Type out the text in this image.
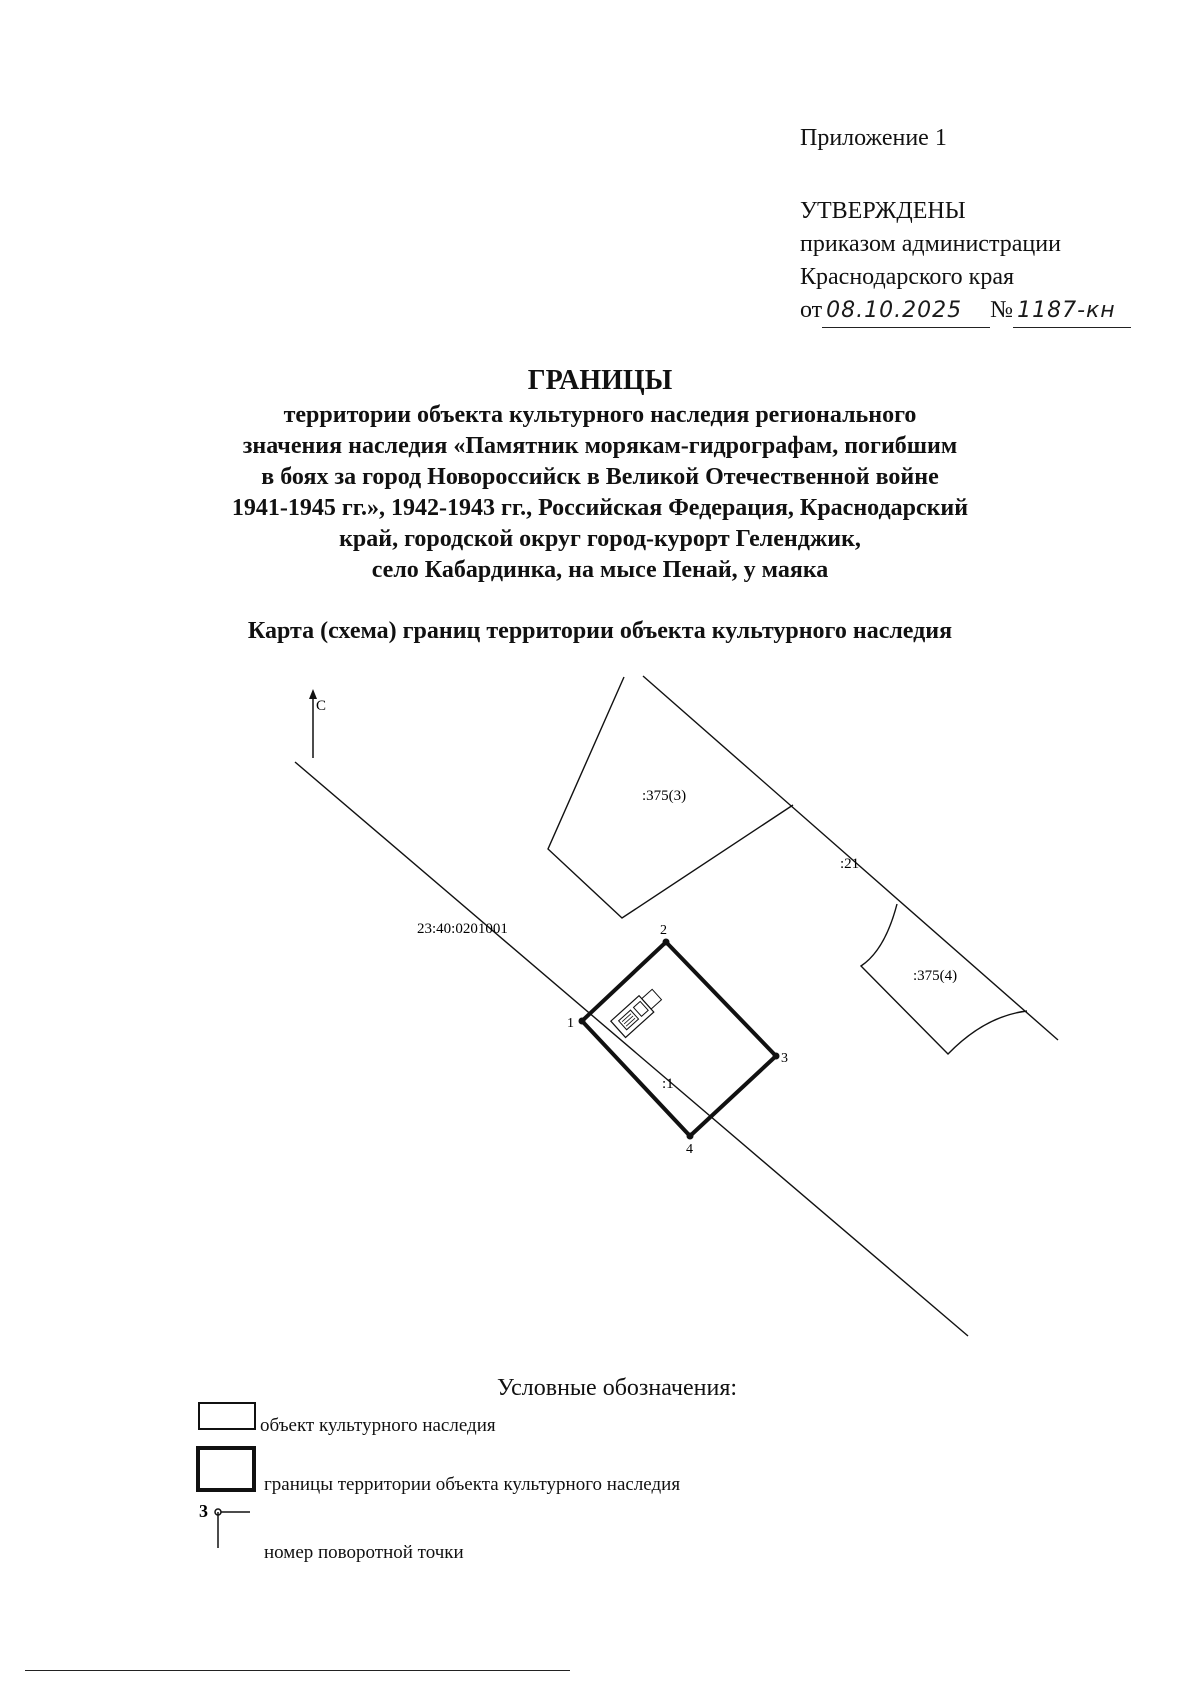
Приложение 1
УТВЕРЖДЕНЫ
приказом администрации
Краснодарского края
от 08.10.2025 № 1187-кн
ГРАНИЦЫ
территории объекта культурного наследия регионального
значения наследия «Памятник морякам-гидрографам, погибшим
в боях за город Новороссийск в Великой Отечественной войне
1941-1945 гг.», 1942-1943 гг., Российская Федерация, Краснодарский
край, городской округ город-курорт Геленджик,
село Кабардинка, на мысе Пенай, у маяка
Карта (схема) границ территории объекта культурного наследия
С
:375(3)
:21
:375(4)
23:40:0201001
:1
1
2
3
4
Условные обозначения:
объект культурного наследия
границы территории объекта культурного наследия
3
номер поворотной точки
